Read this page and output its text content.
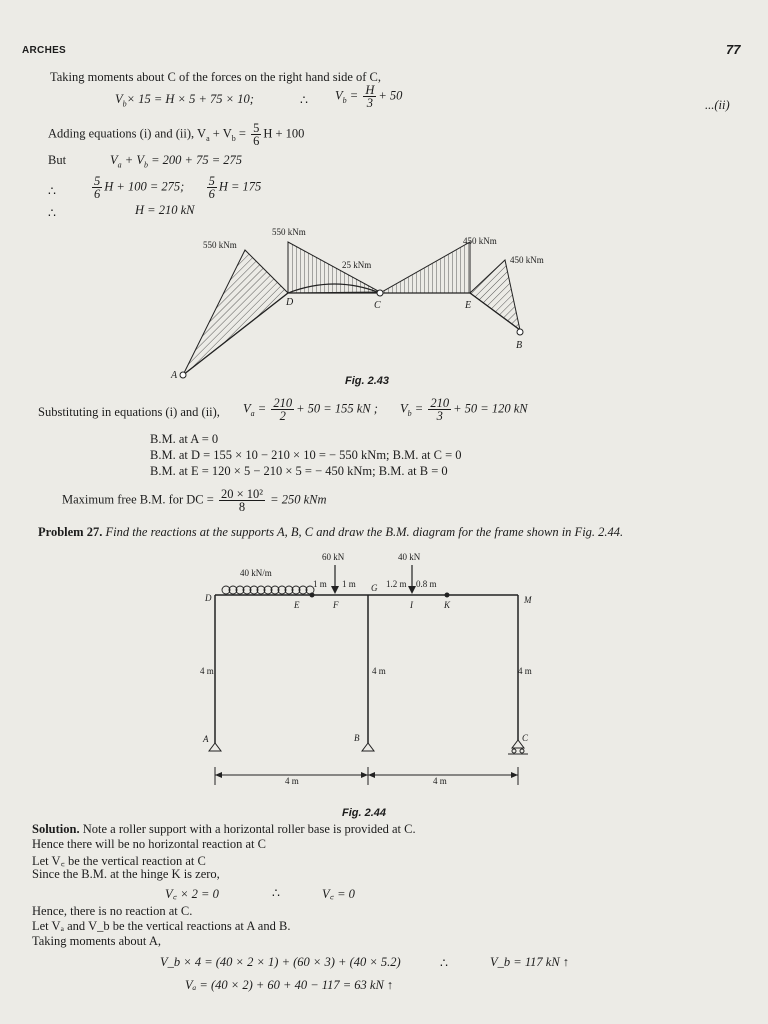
ARCHES	77
Taking moments about C of the forces on the right hand side of C,
$V_b\times 15 = H \times 5 + 75 \times 10$;	∴ $V_b = \frac{H}{3} + 50$
...(ii)
Adding equations (i) and (ii), $V_a + V_b = \frac{5}{6}$ H + 100
But	$V_a + V_b = 200 + 75 = 275$
∴	$\frac{5}{6}$ H + 100 = 275; $\frac{5}{6}$ H = 175
∴	H = 210 kN
550 kNm
550 kNm
25 kNm
450 kNm
450 kNm
A
D	C	E
B
Fig. 2.43
Substituting in equations (i) and (ii), $V_a = \frac{210}{2} + 50 = 155$ kN ; $V_b = \frac{210}{3} + 50 = 120$ kN
B.M. at A = 0
B.M. at D = 155 × 10 − 210 × 10 = − 550 kNm; B.M. at C = 0
B.M. at E = 120 × 5 − 210 × 5 = − 450 kNm; B.M. at B = 0
Maximum free B.M. for DC = $\frac{\text{20 × 10²}}{8} = 250$ kNm
Problem 27. Find the reactions at the supports A, B, C and draw the B.M. diagram for the frame shown in Fig. 2.44.
40 kN/m
60 kN	40 kN
1 m 1 m	1.2 m 0.8 m
D
E	F
G
I	K	M
4 m	4 m	4 m
A	B	C
4 m	4 m
Fig. 2.44
Solution. Note a roller support with a horizontal roller base is provided at C.
Hence there will be no horizontal reaction at C
Let V꜀ be the vertical reaction at C
Since the B.M. at the hinge K is zero,
V꜀ × 2 = 0	∴	V꜀ = 0
Hence, there is no reaction at C.
Let Vₐ and V_b be the vertical reactions at A and B.
Taking moments about A,
V_b × 4 = (40 × 2 × 1) + (60 × 3) + (40 × 5.2)	∴	V_b = 117 kN ↑
Vₐ = (40 × 2) + 60 + 40 − 117 = 63 kN ↑
